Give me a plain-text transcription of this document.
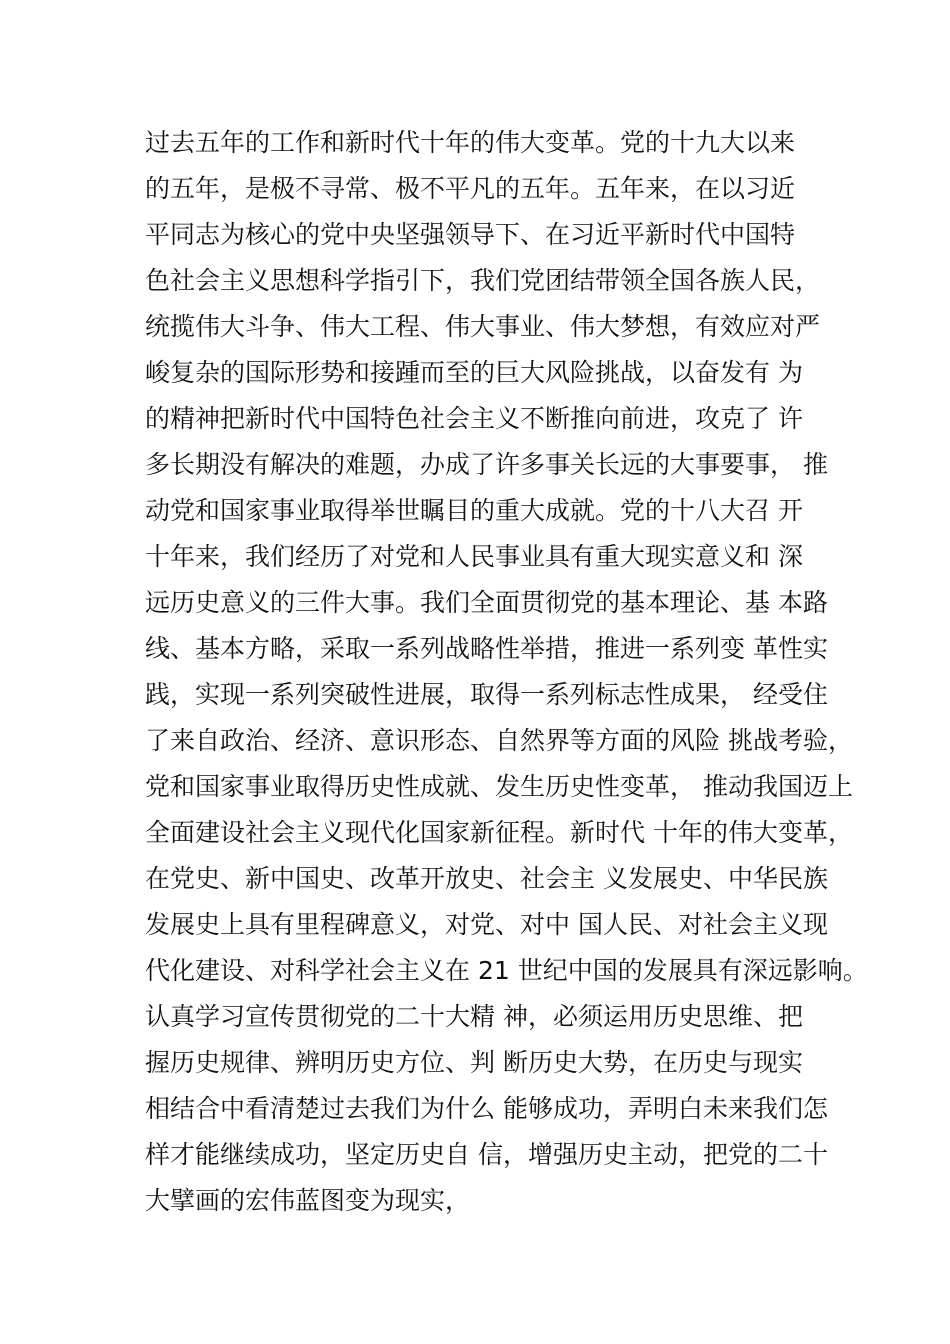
过去五年的工作和新时代十年的伟大变革。党的十九大以来
的五年，是极不寻常、极不平凡的五年。五年来，在以习近
平同志为核心的党中央坚强领导下、在习近平新时代中国特
色社会主义思想科学指引下，我们党团结带领全国各族人民，
统揽伟大斗争、伟大工程、伟大事业、伟大梦想，有效应对严
峻复杂的国际形势和接踵而至的巨大风险挑战，以奋发有 为
的精神把新时代中国特色社会主义不断推向前进，攻克了 许
多长期没有解决的难题，办成了许多事关长远的大事要事， 推
动党和国家事业取得举世瞩目的重大成就。党的十八大召 开
十年来，我们经历了对党和人民事业具有重大现实意义和 深
远历史意义的三件大事。我们全面贯彻党的基本理论、基 本路
线、基本方略，采取一系列战略性举措，推进一系列变 革性实
践，实现一系列突破性进展，取得一系列标志性成果， 经受住
了来自政治、经济、意识形态、自然界等方面的风险 挑战考验，
党和国家事业取得历史性成就、发生历史性变革， 推动我国迈上
全面建设社会主义现代化国家新征程。新时代 十年的伟大变革，
在党史、新中国史、改革开放史、社会主 义发展史、中华民族
发展史上具有里程碑意义，对党、对中 国人民、对社会主义现
代化建设、对科学社会主义在 21 世纪中国的发展具有深远影响。
认真学习宣传贯彻党的二十大精 神，必须运用历史思维、把
握历史规律、辨明历史方位、判 断历史大势，在历史与现实
相结合中看清楚过去我们为什么 能够成功，弄明白未来我们怎
样才能继续成功，坚定历史自 信，增强历史主动，把党的二十
大擘画的宏伟蓝图变为现实，
